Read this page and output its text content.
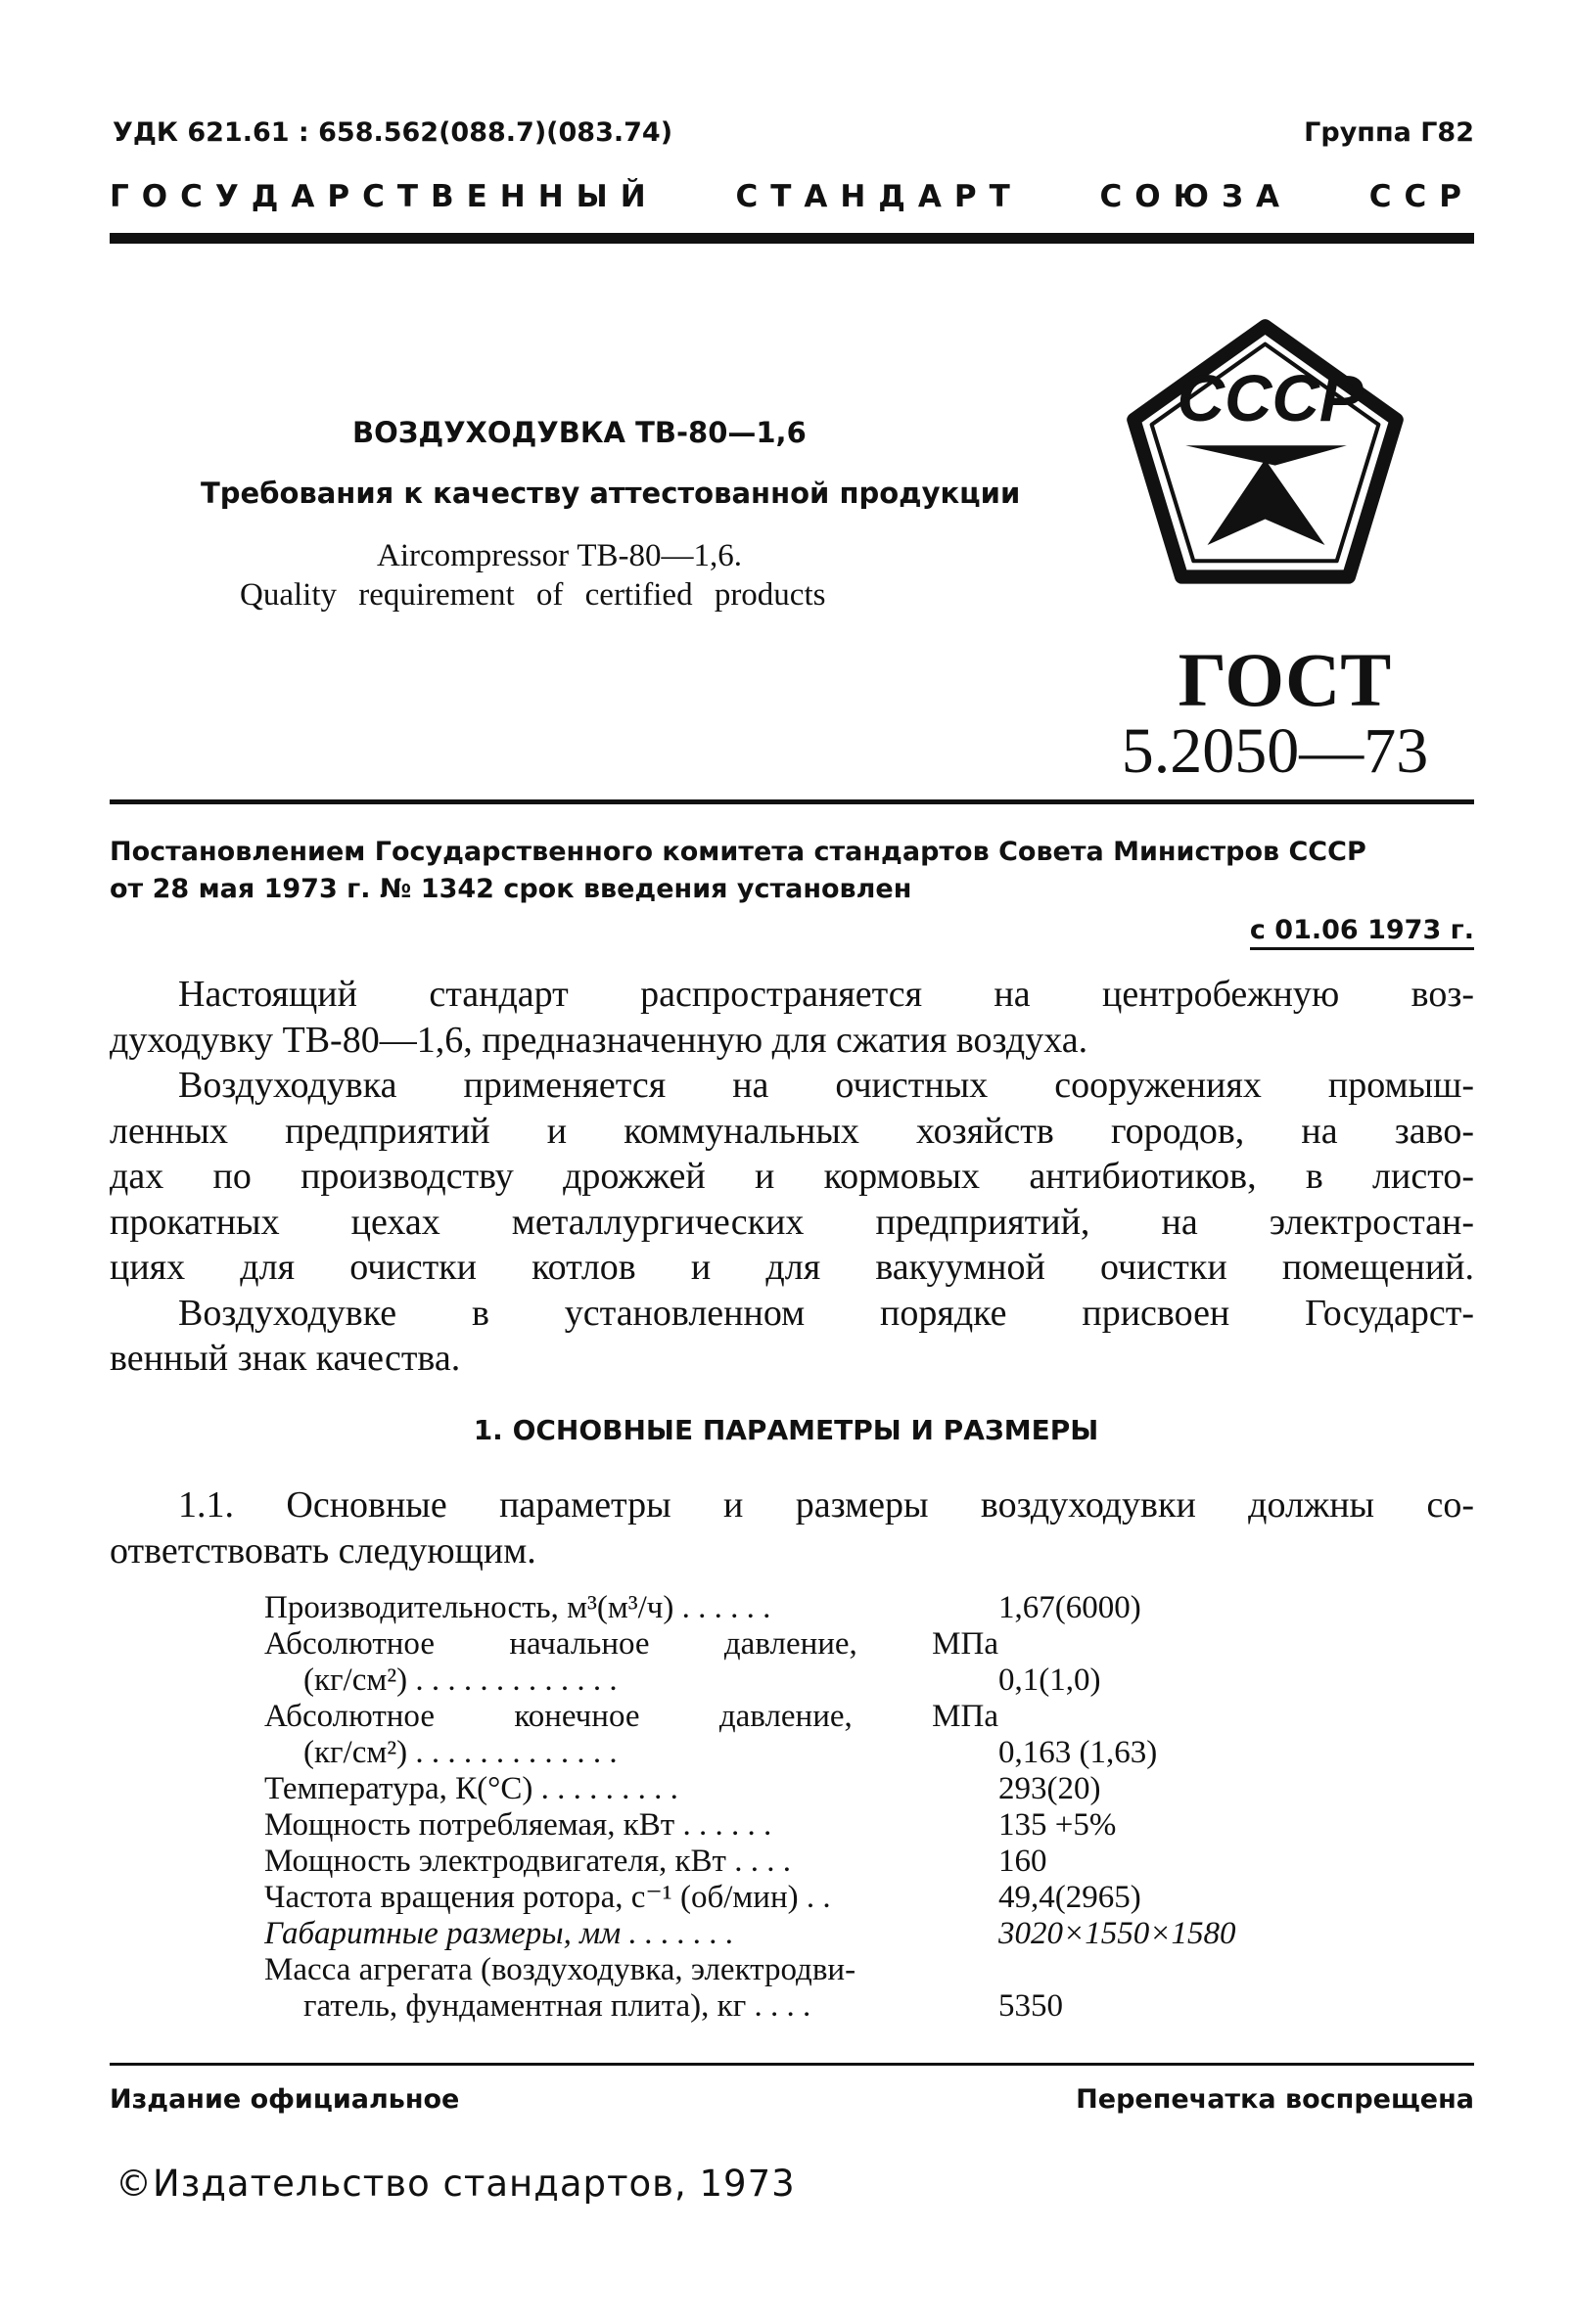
УДК 621.61 : 658.562(088.7)(083.74)	Группа Г82
ГОСУДАРСТВЕННЫЙ	СТАНДАРТ	СОЮЗА	ССР
ВОЗДУХОДУВКА ТВ-80—1,6
Требования к качеству аттестованной продукции
Aircompressor ТВ-80—1,6.
Quality requirement of certified products
СССР
ГОСТ
5.2050—73
Постановлением Государственного комитета стандартов Совета Министров СССР
от 28 мая 1973 г. № 1342 срок введения установлен
с 01.06 1973 г.

Настоящий стандарт распространяется на центробежную воз-
духодувку ТВ-80—1,6, предназначенную для сжатия воздуха.

Воздуходувка применяется на очистных сооружениях промыш-
ленных предприятий и коммунальных хозяйств городов, на заво-
дах по производству дрожжей и кормовых антибиотиков, в листо-
прокатных цехах металлургических предприятий, на электростан-
циях для очистки котлов и для вакуумной очистки помещений.

Воздуходувке в установленном порядке присвоен Государст-
венный знак качества.

1. ОСНОВНЫЕ ПАРАМЕТРЫ И РАЗМЕРЫ

1.1. Основные параметры и размеры воздуходувки должны со-
ответствовать следующим.

Производительность, м³(м³/ч) . . . . . .	1,67(6000)
Абсолютное начальное давление, МПа
(кг/см²) . . . . . . . . . . . . .	0,1(1,0)
Абсолютное конечное давление, МПа
(кг/см²) . . . . . . . . . . . . .	0,163 (1,63)
Температура, К(°С) . . . . . . . . .	293(20)
Мощность потребляемая, кВт . . . . . .	135 +5%
Мощность электродвигателя, кВт . . . .	160
Частота вращения ротора, с⁻¹ (об/мин) . .	49,4(2965)
Габаритные размеры, мм . . . . . . .	3020×1550×1580
Масса агрегата (воздуходувка, электродви-
гатель, фундаментная плита), кг . . . .	5350
Издание официальное	Перепечатка воспрещена
©Издательство стандартов, 1973
